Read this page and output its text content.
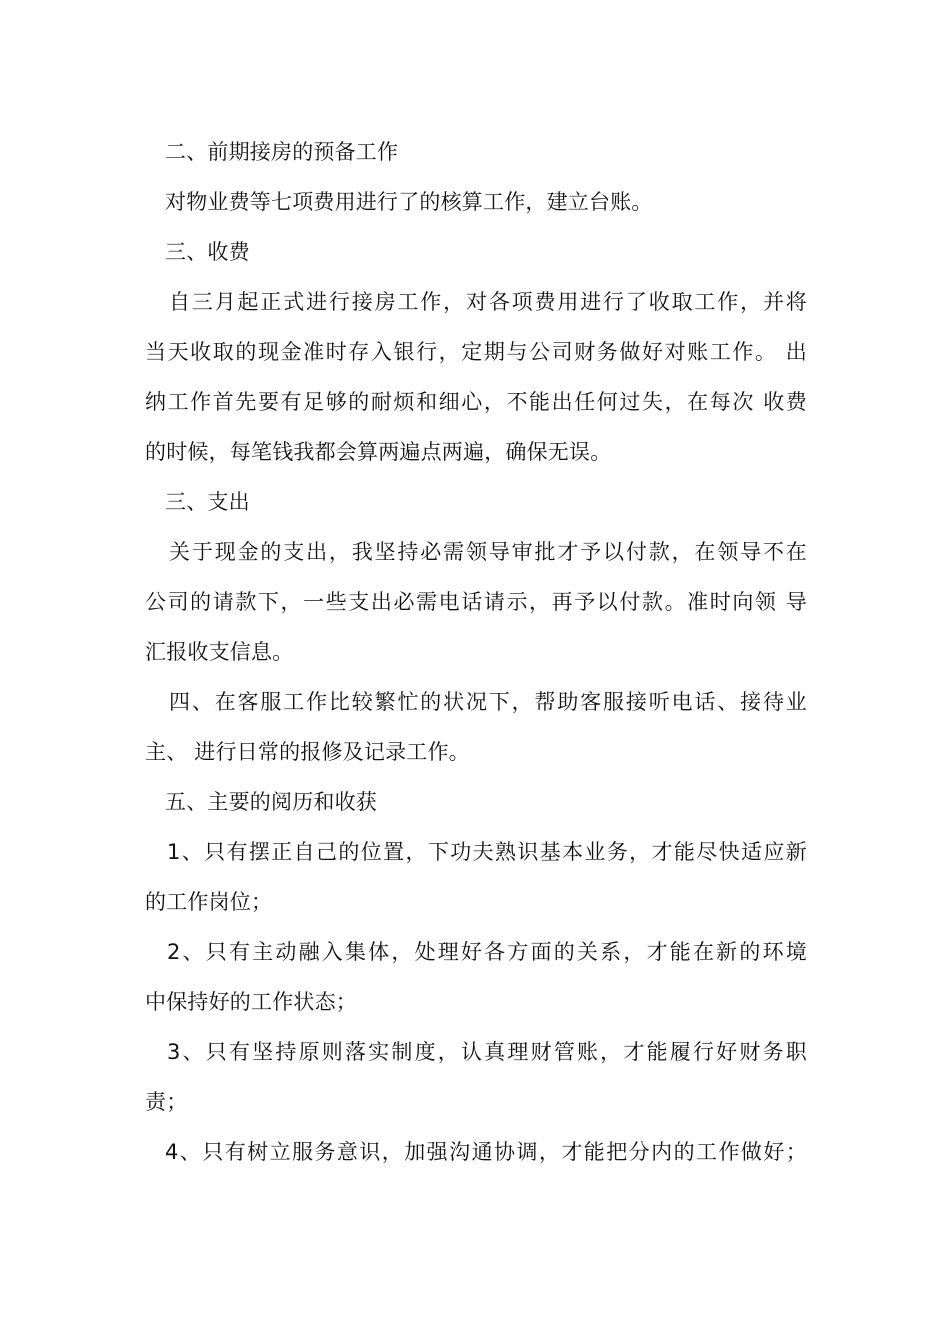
二、前期接房的预备工作
对物业费等七项费用进行了的核算工作，建立台账。
三、收费
自三月起正式进行接房工作，对各项费用进行了收取工作，并将
当天收取的现金准时存入银行，定期与公司财务做好对账工作。 出
纳工作首先要有足够的耐烦和细心，不能出任何过失，在每次 收费
的时候，每笔钱我都会算两遍点两遍，确保无误。
三、支出
关于现金的支出，我坚持必需领导审批才予以付款，在领导不在
公司的请款下，一些支出必需电话请示，再予以付款。准时向领 导
汇报收支信息。
四、在客服工作比较繁忙的状况下，帮助客服接听电话、接待业
主、 进行日常的报修及记录工作。
五、主要的阅历和收获
1、只有摆正自己的位置，下功夫熟识基本业务，才能尽快适应新
的工作岗位；
2、只有主动融入集体，处理好各方面的关系，才能在新的环境
中保持好的工作状态；
3、只有坚持原则落实制度，认真理财管账，才能履行好财务职
责；
4、只有树立服务意识，加强沟通协调，才能把分内的工作做好；
